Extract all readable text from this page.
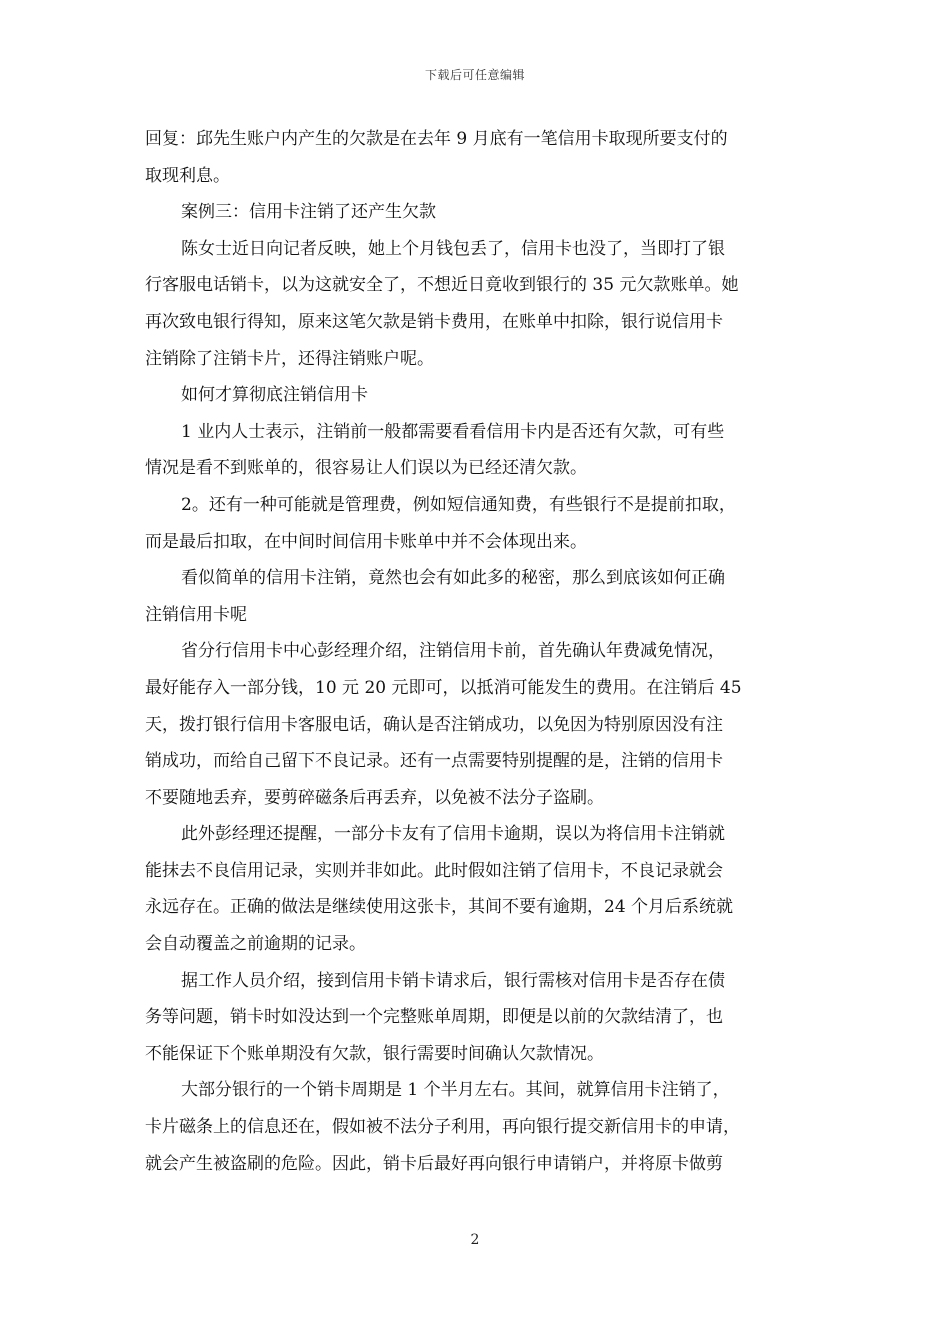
下载后可任意编辑
回复：邱先生账户内产生的欠款是在去年 9 月底有一笔信用卡取现所要支付的
取现利息。
案例三：信用卡注销了还产生欠款
陈女士近日向记者反映，她上个月钱包丢了，信用卡也没了，当即打了银
行客服电话销卡，以为这就安全了，不想近日竟收到银行的 35 元欠款账单。她
再次致电银行得知，原来这笔欠款是销卡费用，在账单中扣除，银行说信用卡
注销除了注销卡片，还得注销账户呢。
如何才算彻底注销信用卡
1 业内人士表示，注销前一般都需要看看信用卡内是否还有欠款，可有些
情况是看不到账单的，很容易让人们误以为已经还清欠款。
2。还有一种可能就是管理费，例如短信通知费，有些银行不是提前扣取，
而是最后扣取，在中间时间信用卡账单中并不会体现出来。
看似简单的信用卡注销，竟然也会有如此多的秘密，那么到底该如何正确
注销信用卡呢
省分行信用卡中心彭经理介绍，注销信用卡前，首先确认年费减免情况，
最好能存入一部分钱，10 元 20 元即可，以抵消可能发生的费用。在注销后 45
天，拨打银行信用卡客服电话，确认是否注销成功，以免因为特别原因没有注
销成功，而给自己留下不良记录。还有一点需要特别提醒的是，注销的信用卡
不要随地丢弃，要剪碎磁条后再丢弃，以免被不法分子盗刷。
此外彭经理还提醒，一部分卡友有了信用卡逾期，误以为将信用卡注销就
能抹去不良信用记录，实则并非如此。此时假如注销了信用卡，不良记录就会
永远存在。正确的做法是继续使用这张卡，其间不要有逾期，24 个月后系统就
会自动覆盖之前逾期的记录。
据工作人员介绍，接到信用卡销卡请求后，银行需核对信用卡是否存在债
务等问题，销卡时如没达到一个完整账单周期，即便是以前的欠款结清了，也
不能保证下个账单期没有欠款，银行需要时间确认欠款情况。
大部分银行的一个销卡周期是 1 个半月左右。其间，就算信用卡注销了，
卡片磁条上的信息还在，假如被不法分子利用，再向银行提交新信用卡的申请，
就会产生被盗刷的危险。因此，销卡后最好再向银行申请销户，并将原卡做剪
2
